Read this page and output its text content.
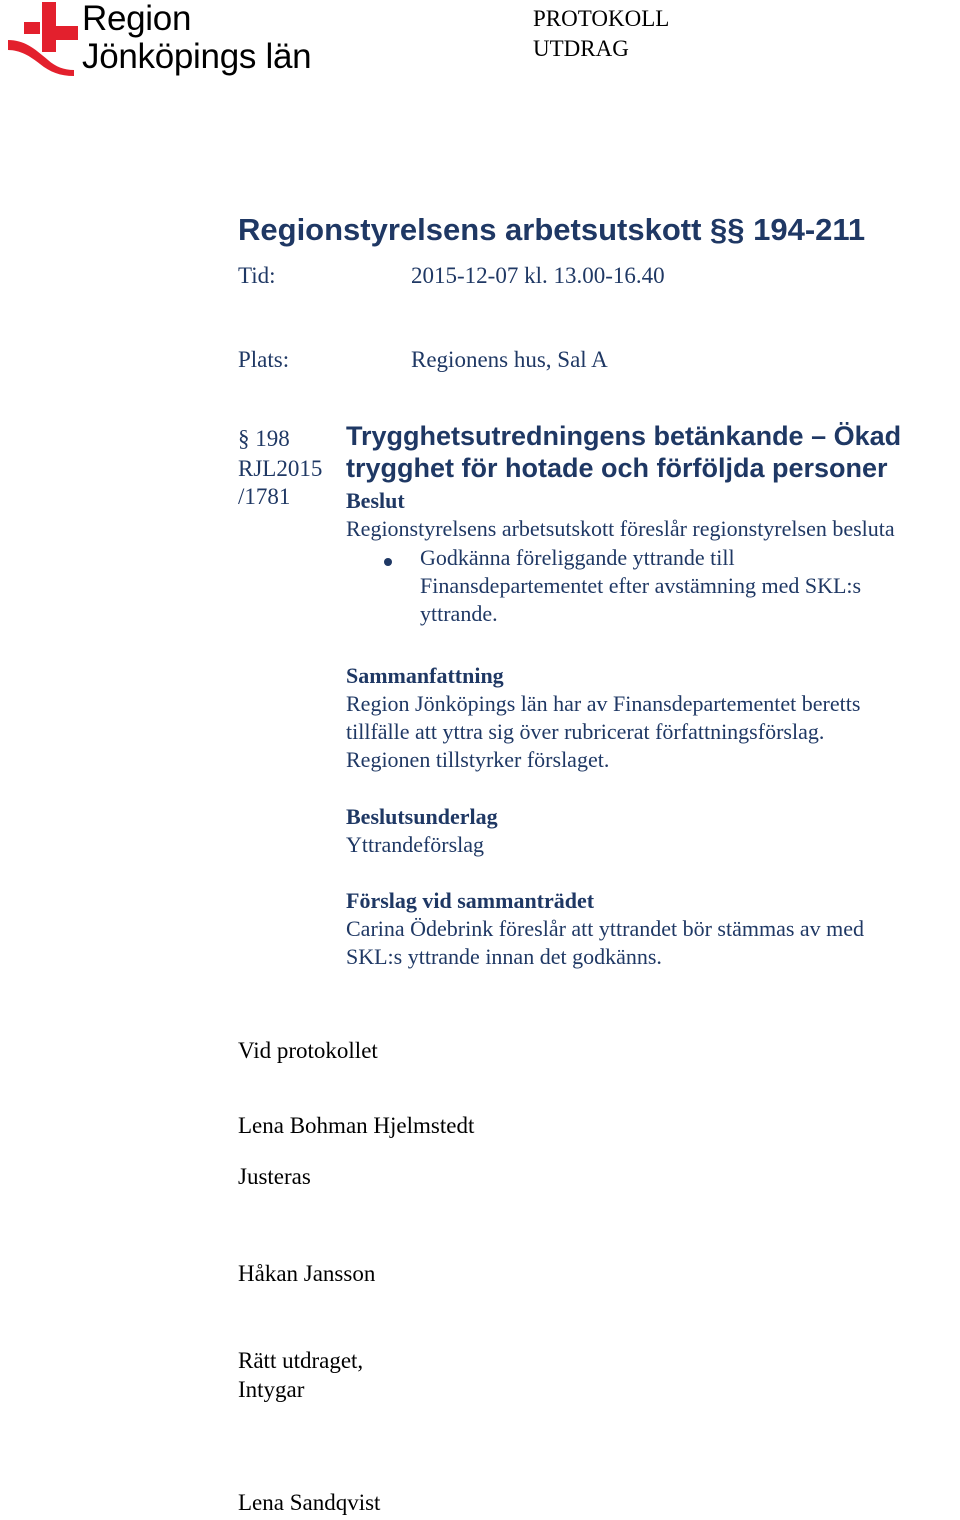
Region
Jönköpings län
PROTOKOLL
UTDRAG
Regionstyrelsens arbetsutskott §§ 194-211
Tid:	2015-12-07 kl. 13.00-16.40
Plats:	Regionens hus, Sal A
§ 198
RJL2015
/1781
Trygghetsutredningens betänkande – Ökad
trygghet för hotade och förföljda personer
Beslut
Regionstyrelsens arbetsutskott föreslår regionstyrelsen besluta
Godkänna föreliggande yttrande till
Finansdepartementet efter avstämning med SKL:s
yttrande.
Sammanfattning
Region Jönköpings län har av Finansdepartementet beretts
tillfälle att yttra sig över rubricerat författningsförslag.
Regionen tillstyrker förslaget.
Beslutsunderlag
Yttrandeförslag
Förslag vid sammanträdet
Carina Ödebrink föreslår att yttrandet bör stämmas av med
SKL:s yttrande innan det godkänns.
Vid protokollet
Lena Bohman Hjelmstedt
Justeras
Håkan Jansson
Rätt utdraget,
Intygar
Lena Sandqvist
